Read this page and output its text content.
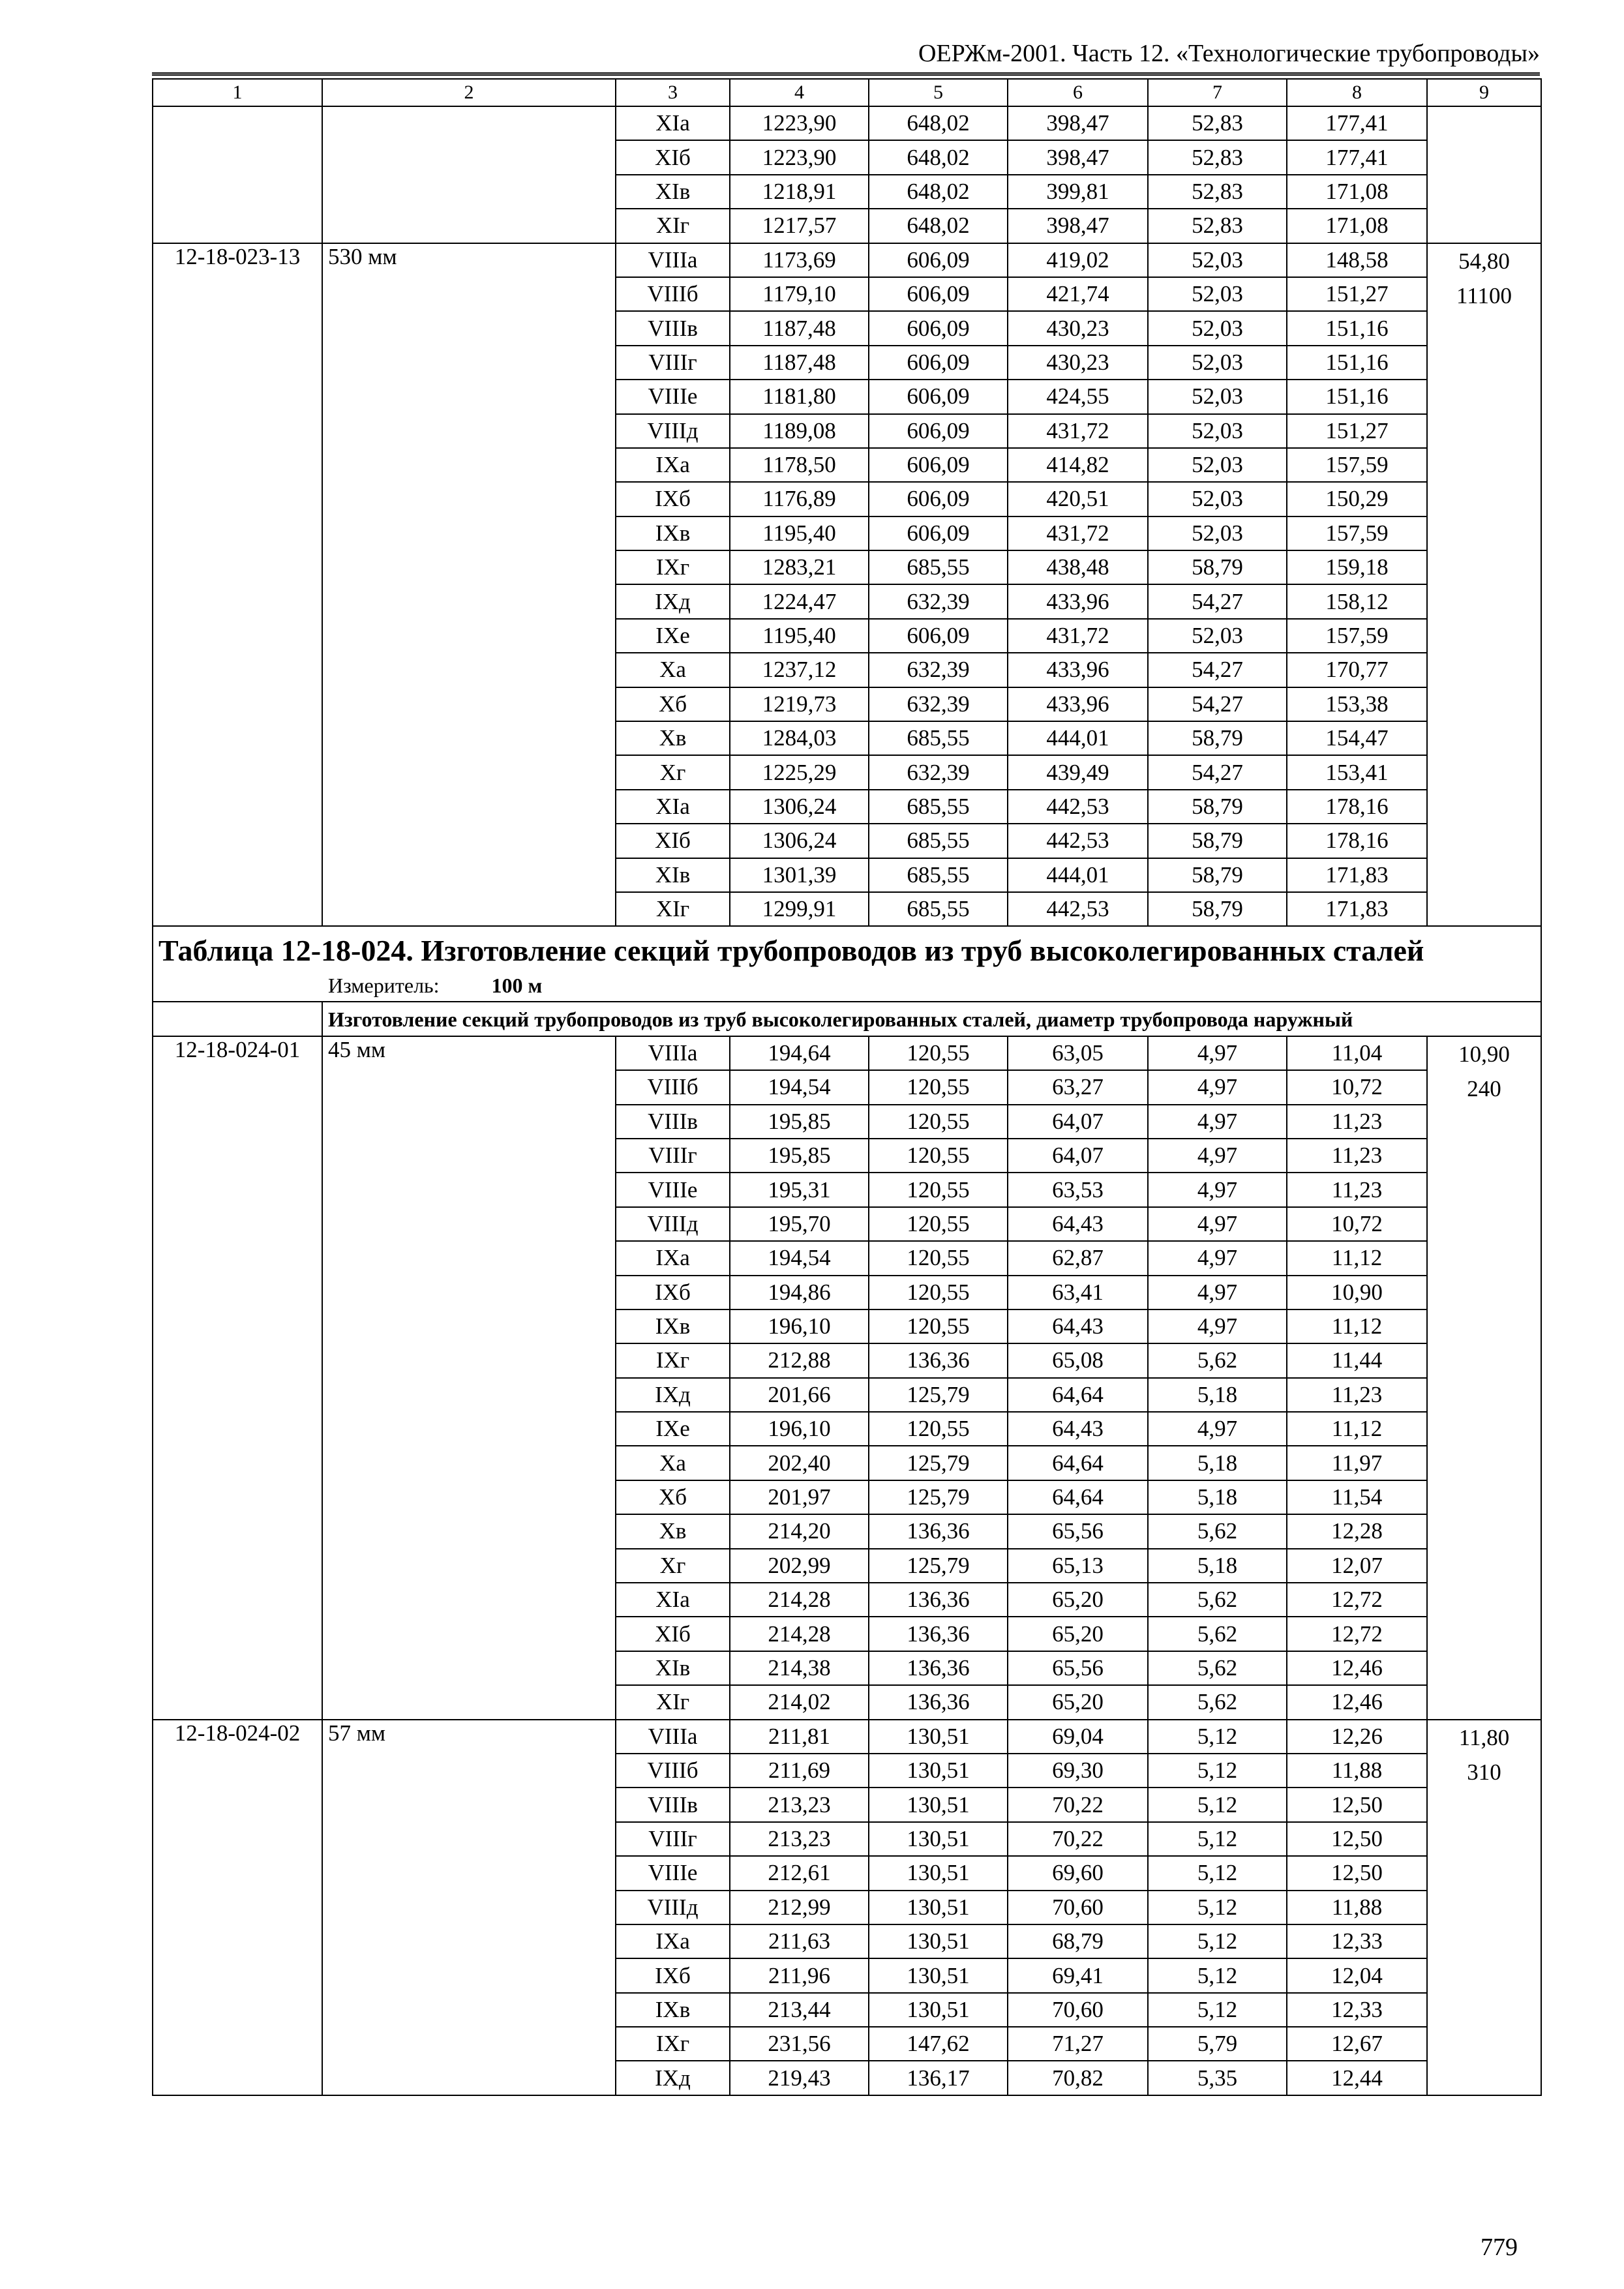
ОЕРЖм-2001. Часть 12. «Технологические трубопроводы»
1	2	3	4	5	6	7	8	9
		XIa	1223,90	648,02	398,47	52,83	177,41	
		XIб	1223,90	648,02	398,47	52,83	177,41	
		XIв	1218,91	648,02	399,81	52,83	171,08	
		XIг	1217,57	648,02	398,47	52,83	171,08	
12-18-023-13	530 мм	VIIIa	1173,69	606,09	419,02	52,03	148,58	54,80
11100

		VIIIб	1179,10	606,09	421,74	52,03	151,27	
		VIIIв	1187,48	606,09	430,23	52,03	151,16	
		VIIIг	1187,48	606,09	430,23	52,03	151,16	
		VIIIe	1181,80	606,09	424,55	52,03	151,16	
		VIIIд	1189,08	606,09	431,72	52,03	151,27	
		IXa	1178,50	606,09	414,82	52,03	157,59	
		IXб	1176,89	606,09	420,51	52,03	150,29	
		IXв	1195,40	606,09	431,72	52,03	157,59	
		IXг	1283,21	685,55	438,48	58,79	159,18	
		IXд	1224,47	632,39	433,96	54,27	158,12	
		IXe	1195,40	606,09	431,72	52,03	157,59	
		Xa	1237,12	632,39	433,96	54,27	170,77	
		Xб	1219,73	632,39	433,96	54,27	153,38	
		Xв	1284,03	685,55	444,01	58,79	154,47	
		Xг	1225,29	632,39	439,49	54,27	153,41	
		XIa	1306,24	685,55	442,53	58,79	178,16	
		XIб	1306,24	685,55	442,53	58,79	178,16	
		XIв	1301,39	685,55	444,01	58,79	171,83	
		XIг	1299,91	685,55	442,53	58,79	171,83	

Таблица 12-18-024. Изготовление секций трубопроводов из труб высоколегированных сталей
Измеритель: 100 м								

	Изготовление секций трубопроводов из труб высоколегированных сталей, диаметр трубопровода наружный							
12-18-024-01	45 мм	VIIIa	194,64	120,55	63,05	4,97	11,04	10,90
240

		VIIIб	194,54	120,55	63,27	4,97	10,72	
		VIIIв	195,85	120,55	64,07	4,97	11,23	
		VIIIг	195,85	120,55	64,07	4,97	11,23	
		VIIIe	195,31	120,55	63,53	4,97	11,23	
		VIIIд	195,70	120,55	64,43	4,97	10,72	
		IXa	194,54	120,55	62,87	4,97	11,12	
		IXб	194,86	120,55	63,41	4,97	10,90	
		IXв	196,10	120,55	64,43	4,97	11,12	
		IXг	212,88	136,36	65,08	5,62	11,44	
		IXд	201,66	125,79	64,64	5,18	11,23	
		IXe	196,10	120,55	64,43	4,97	11,12	
		Xa	202,40	125,79	64,64	5,18	11,97	
		Xб	201,97	125,79	64,64	5,18	11,54	
		Xв	214,20	136,36	65,56	5,62	12,28	
		Xг	202,99	125,79	65,13	5,18	12,07	
		XIa	214,28	136,36	65,20	5,62	12,72	
		XIб	214,28	136,36	65,20	5,62	12,72	
		XIв	214,38	136,36	65,56	5,62	12,46	
		XIг	214,02	136,36	65,20	5,62	12,46	
12-18-024-02	57 мм	VIIIa	211,81	130,51	69,04	5,12	12,26	11,80
310

		VIIIб	211,69	130,51	69,30	5,12	11,88	
		VIIIв	213,23	130,51	70,22	5,12	12,50	
		VIIIг	213,23	130,51	70,22	5,12	12,50	
		VIIIe	212,61	130,51	69,60	5,12	12,50	
		VIIIд	212,99	130,51	70,60	5,12	11,88	
		IXa	211,63	130,51	68,79	5,12	12,33	
		IXб	211,96	130,51	69,41	5,12	12,04	
		IXв	213,44	130,51	70,60	5,12	12,33	
		IXг	231,56	147,62	71,27	5,79	12,67	
		IXд	219,43	136,17	70,82	5,35	12,44	
779
